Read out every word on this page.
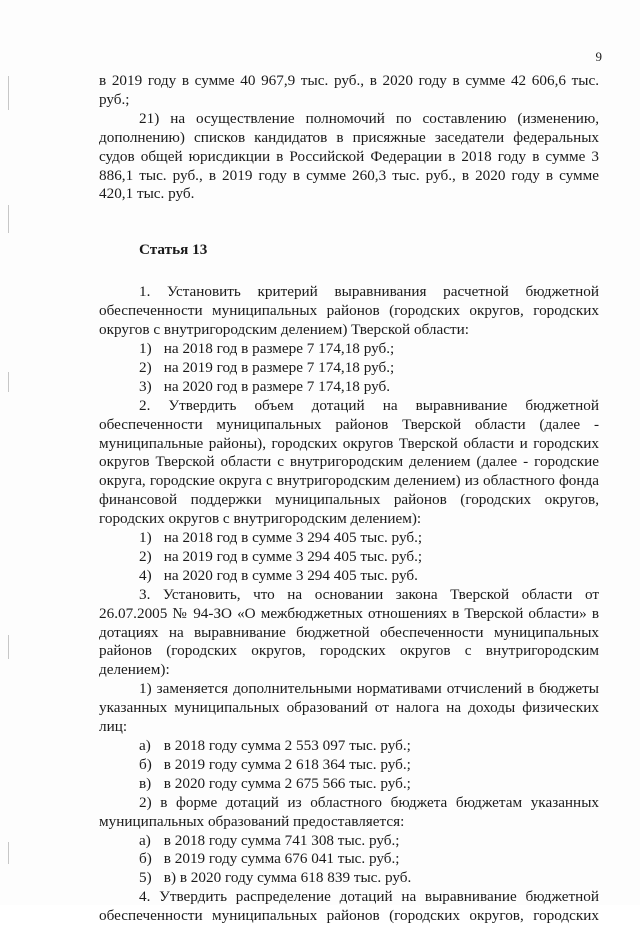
9

в 2019 году в сумме 40 967,9 тыс. руб., в 2020 году в сумме 42 606,6 тыс. руб.;

21) на осуществление полномочий по составлению (изменению, дополнению) списков кандидатов в присяжные заседатели федеральных судов общей юрисдикции в Российской Федерации в 2018 году в сумме 3 886,1 тыс. руб., в 2019 году в сумме 260,3 тыс. руб., в 2020 году в сумме 420,1 тыс. руб.

Статья 13

1. Установить критерий выравнивания расчетной бюджетной обеспеченности муниципальных районов (городских округов, городских округов с внутригородским делением) Тверской области:

1) на 2018 год в размере 7 174,18 руб.;

2) на 2019 год в размере 7 174,18 руб.;

3) на 2020 год в размере 7 174,18 руб.

2. Утвердить объем дотаций на выравнивание бюджетной обеспеченности муниципальных районов Тверской области (далее - муниципальные районы), городских округов Тверской области и городских округов Тверской области с внутригородским делением (далее - городские округа, городские округа с внутригородским делением) из областного фонда финансовой поддержки муниципальных районов (городских округов, городских округов с внутригородским делением):

1) на 2018 год в сумме 3 294 405 тыс. руб.;

2) на 2019 год в сумме 3 294 405 тыс. руб.;

4) на 2020 год в сумме 3 294 405 тыс. руб.

3. Установить, что на основании закона Тверской области от 26.07.2005 № 94-ЗО «О межбюджетных отношениях в Тверской области» в дотациях на выравнивание бюджетной обеспеченности муниципальных районов (городских округов, городских округов с внутригородским делением):

1) заменяется дополнительными нормативами отчислений в бюджеты указанных муниципальных образований от налога на доходы физических лиц:

а) в 2018 году сумма 2 553 097 тыс. руб.;

б) в 2019 году сумма 2 618 364 тыс. руб.;

в) в 2020 году сумма 2 675 566 тыс. руб.;

2) в форме дотаций из областного бюджета бюджетам указанных муниципальных образований предоставляется:

а) в 2018 году сумма 741 308 тыс. руб.;

б) в 2019 году сумма 676 041 тыс. руб.;

5) в) в 2020 году сумма 618 839 тыс. руб.

4. Утвердить распределение дотаций на выравнивание бюджетной обеспеченности муниципальных районов (городских округов, городских
